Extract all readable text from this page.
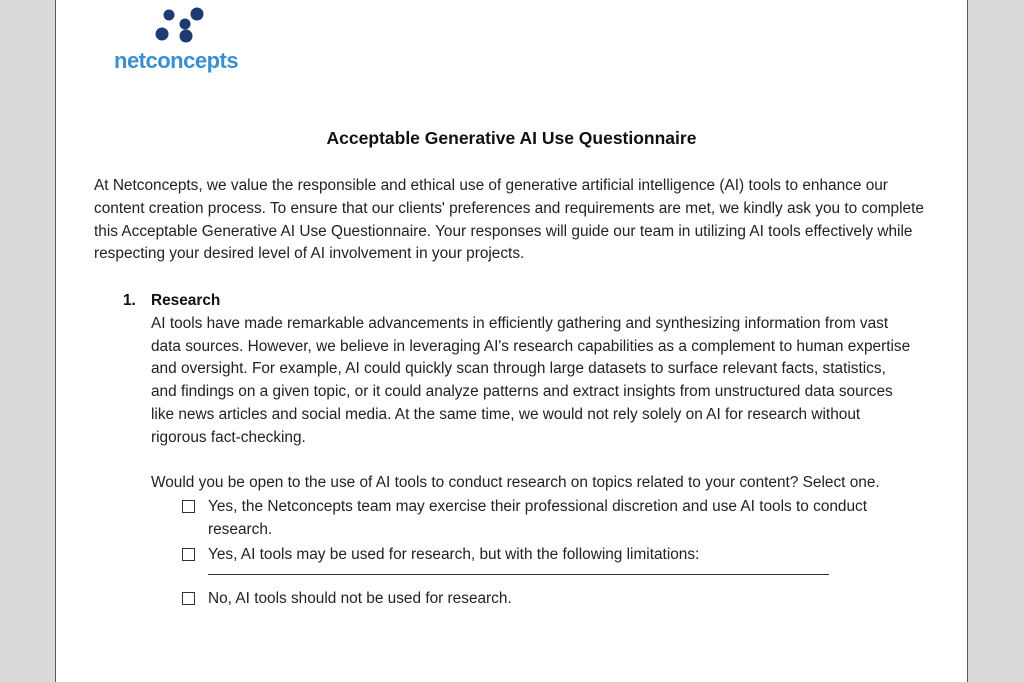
netconcepts
Acceptable Generative AI Use Questionnaire
At Netconcepts, we value the responsible and ethical use of generative artificial intelligence (AI) tools to enhance our content creation process. To ensure that our clients' preferences and requirements are met, we kindly ask you to complete this Acceptable Generative AI Use Questionnaire. Your responses will guide our team in utilizing AI tools effectively while respecting your desired level of AI involvement in your projects.
1. Research
AI tools have made remarkable advancements in efficiently gathering and synthesizing information from vast data sources. However, we believe in leveraging AI's research capabilities as a complement to human expertise and oversight. For example, AI could quickly scan through large datasets to surface relevant facts, statistics, and findings on a given topic, or it could analyze patterns and extract insights from unstructured data sources like news articles and social media. At the same time, we would not rely solely on AI for research without rigorous fact-checking.
Would you be open to the use of AI tools to conduct research on topics related to your content? Select one.
Yes, the Netconcepts team may exercise their professional discretion and use AI tools to conduct research.
Yes, AI tools may be used for research, but with the following limitations:
No, AI tools should not be used for research.
